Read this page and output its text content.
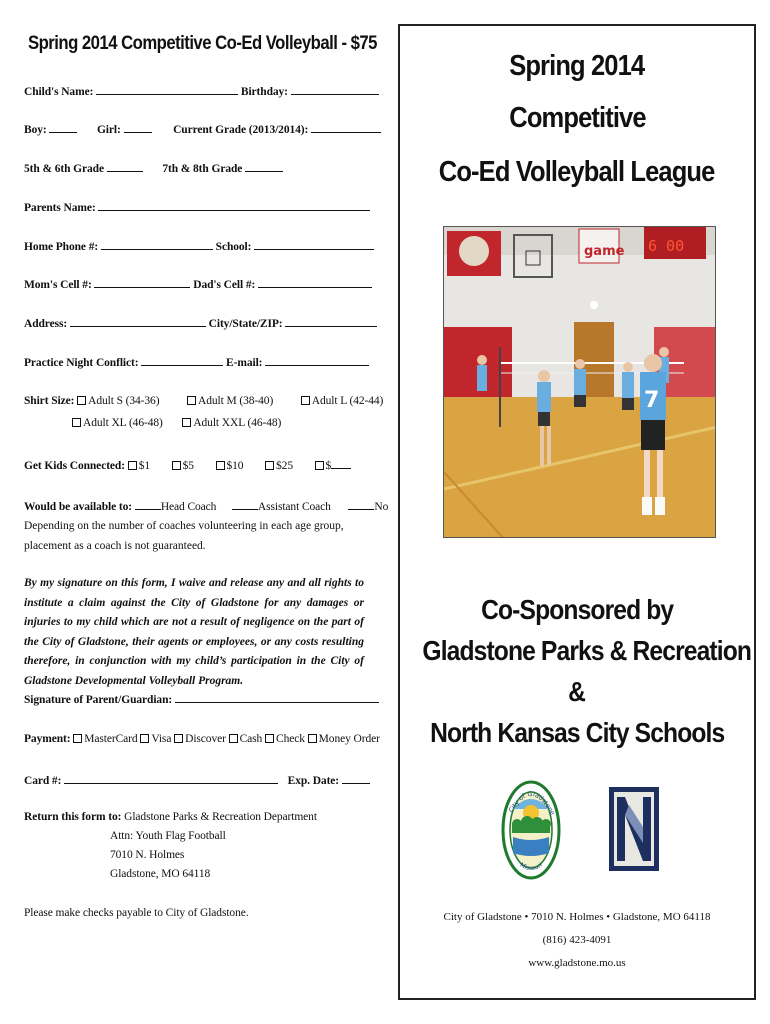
Spring 2014 Competitive Co-Ed Volleyball - $75
Child's Name:	Birthday:
Boy:	Girl:	Current Grade (2013/2014):
5th & 6th Grade	7th & 8th Grade
Parents Name:
Home Phone #:	School:
Mom's Cell #:	Dad's Cell #:
Address:	City/State/ZIP:
Practice Night Conflict:	E-mail:
Shirt Size: Adult S (34-36)	Adult M (38-40)	Adult L (42-44)
Adult XL (46-48)	Adult XXL (46-48)
Get Kids Connected: $1	$5	$10	$25	$
Would be available to:	Head Coach	Assistant Coach	No
Depending on the number of coaches volunteering in each age group, placement as a coach is not guaranteed.
By my signature on this form, I waive and release any and all rights to institute a claim against the City of Gladstone for any damages or injuries to my child which are not a result of negligence on the part of the City of Gladstone, their agents or employees, or any costs resulting therefore, in conjunction with my child’s participation in the City of Gladstone Developmental Volleyball Program.
Signature of Parent/Guardian:
Payment: MasterCard Visa Discover Cash Check Money Order
Card #:	Exp. Date:
Return this form to: Gladstone Parks & Recreation Department
Attn: Youth Flag Football
7010 N. Holmes
Gladstone, MO 64118
Please make checks payable to City of Gladstone.
Spring 2014
Competitive
Co-Ed Volleyball League
6 00
game
7
Co-Sponsored by
Gladstone Parks & Recreation
&
North Kansas City Schools
City of Gladstone
Missouri
City of Gladstone • 7010 N. Holmes • Gladstone, MO 64118
(816) 423-4091
www.gladstone.mo.us
